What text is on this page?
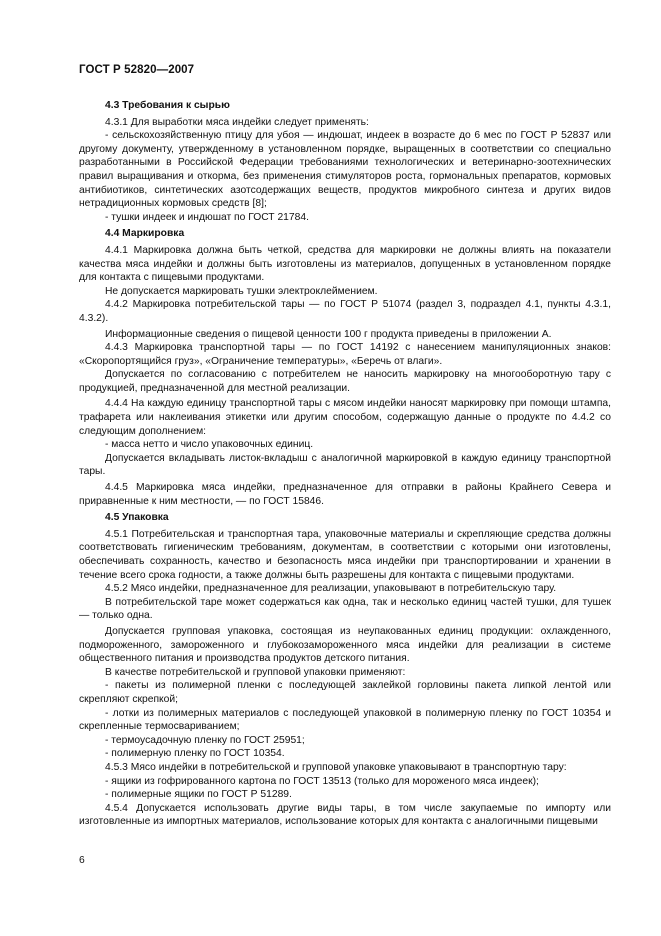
ГОСТ Р 52820—2007

4.3 Требования к сырью

4.3.1 Для выработки мяса индейки следует применять:

- сельскохозяйственную птицу для убоя — индюшат, индеек в возрасте до 6 мес по ГОСТ Р 52837 или другому документу, утвержденному в установленном порядке, выращенных в соответствии со специально разработанными в Российской Федерации требованиями технологических и ветеринарно-зоотехнических правил выращивания и откорма, без применения стимуляторов роста, гормональных препаратов, кормовых антибиотиков, синтетических азотсодержащих веществ, продуктов микробного синтеза и других видов нетрадиционных кормовых средств [8];

- тушки индеек и индюшат по ГОСТ 21784.

4.4 Маркировка

4.4.1 Маркировка должна быть четкой, средства для маркировки не должны влиять на показатели качества мяса индейки и должны быть изготовлены из материалов, допущенных в установленном порядке для контакта с пищевыми продуктами.

Не допускается маркировать тушки электроклеймением.

4.4.2 Маркировка потребительской тары — по ГОСТ Р 51074 (раздел 3, подраздел 4.1, пункты 4.3.1, 4.3.2).

Информационные сведения о пищевой ценности 100 г продукта приведены в приложении А.

4.4.3 Маркировка транспортной тары — по ГОСТ 14192 с нанесением манипуляционных знаков: «Скоропортящийся груз», «Ограничение температуры», «Беречь от влаги».

Допускается по согласованию с потребителем не наносить маркировку на многооборотную тару с продукцией, предназначенной для местной реализации.

4.4.4 На каждую единицу транспортной тары с мясом индейки наносят маркировку при помощи штампа, трафарета или наклеивания этикетки или другим способом, содержащую данные о продукте по 4.4.2 со следующим дополнением:

- масса нетто и число упаковочных единиц.

Допускается вкладывать листок-вкладыш с аналогичной маркировкой в каждую единицу транспортной тары.

4.4.5 Маркировка мяса индейки, предназначенное для отправки в районы Крайнего Севера и приравненные к ним местности, — по ГОСТ 15846.

4.5 Упаковка

4.5.1 Потребительская и транспортная тара, упаковочные материалы и скрепляющие средства должны соответствовать гигиеническим требованиям, документам, в соответствии с которыми они изготовлены, обеспечивать сохранность, качество и безопасность мяса индейки при транспортировании и хранении в течение всего срока годности, а также должны быть разрешены для контакта с пищевыми продуктами.

4.5.2 Мясо индейки, предназначенное для реализации, упаковывают в потребительскую тару.

В потребительской таре может содержаться как одна, так и несколько единиц частей тушки, для тушек — только одна.

Допускается групповая упаковка, состоящая из неупакованных единиц продукции: охлажденного, подмороженного, замороженного и глубокозамороженного мяса индейки для реализации в системе общественного питания и производства продуктов детского питания.

В качестве потребительской и групповой упаковки применяют:

- пакеты из полимерной пленки с последующей заклейкой горловины пакета липкой лентой или скрепляют скрепкой;

- лотки из полимерных материалов с последующей упаковкой в полимерную пленку по ГОСТ 10354 и скрепленные термосвариванием;

- термоусадочную пленку по ГОСТ 25951;

- полимерную пленку по ГОСТ 10354.

4.5.3 Мясо индейки в потребительской и групповой упаковке упаковывают в транспортную тару:

- ящики из гофрированного картона по ГОСТ 13513 (только для мороженого мяса индеек);

- полимерные ящики по ГОСТ Р 51289.

4.5.4 Допускается использовать другие виды тары, в том числе закупаемые по импорту или изготовленные из импортных материалов, использование которых для контакта с аналогичными пищевыми

6
